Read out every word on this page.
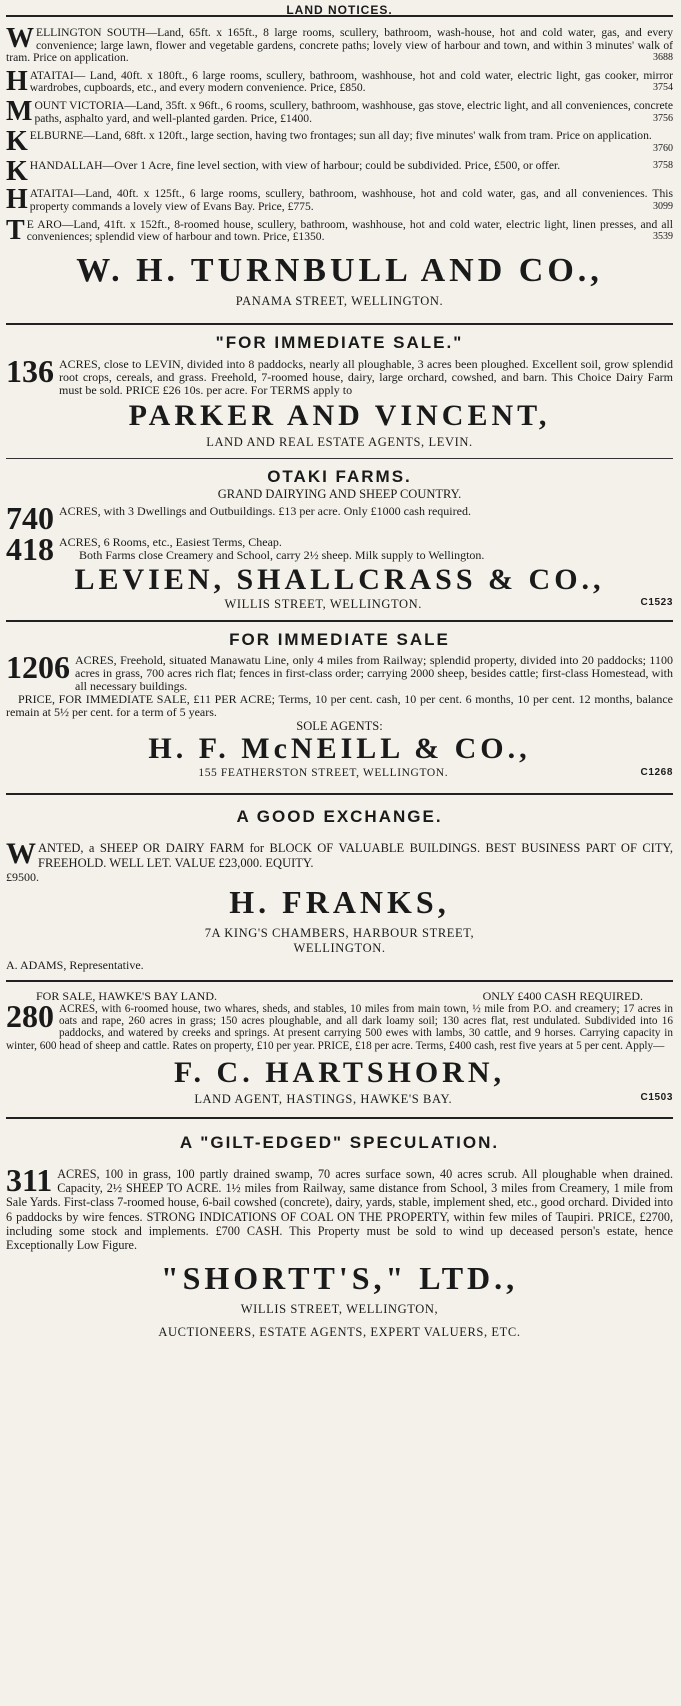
LAND NOTICES.
WELLINGTON SOUTH—Land, 65ft. x 165ft., 8 large rooms, scullery, bathroom, wash-house, hot and cold water, gas, and every convenience; large lawn, flower and vegetable gardens, concrete paths; lovely view of harbour and town, and within 3 minutes' walk of tram. Price on application.	3688
HATAITAI— Land, 40ft. x 180ft., 6 large rooms, scullery, bathroom, washhouse, hot and cold water, electric light, gas cooker, mirror wardrobes, cupboards, etc., and every modern convenience. Price, £850.	3754
MOUNT VICTORIA—Land, 35ft. x 96ft., 6 rooms, scullery, bathroom, washhouse, gas stove, electric light, and all conveniences, concrete paths, asphalto yard, and well-planted garden. Price, £1400.	3756
KELBURNE—Land, 68ft. x 120ft., large section, having two frontages; sun all day; five minutes' walk from tram. Price on application.
3760
KHANDALLAH—Over 1 Acre, fine level section, with view of harbour; could be subdivided. Price, £500, or offer.	3758
HATAITAI—Land, 40ft. x 125ft., 6 large rooms, scullery, bathroom, washhouse, hot and cold water, gas, and all conveniences. This property commands a lovely view of Evans Bay. Price, £775.	3099
T E ARO—Land, 41ft. x 152ft., 8-roomed house, scullery, bathroom, washhouse, hot and cold water, electric light, linen presses, and all conveniences; splendid view of harbour and town. Price, £1350.	3539
W. H. TURNBULL AND CO.,
PANAMA STREET, WELLINGTON.
"FOR IMMEDIATE SALE."
136 ACRES, close to LEVIN, divided into 8 paddocks, nearly all ploughable, 3 acres been ploughed. Excellent soil, grow splendid root crops, cereals, and grass. Freehold, 7-roomed house, dairy, large orchard, cowshed, and barn. This Choice Dairy Farm must be sold. PRICE £26 10s. per acre. For TERMS apply to
PARKER AND VINCENT,
LAND AND REAL ESTATE AGENTS, LEVIN.
OTAKI FARMS.
GRAND DAIRYING AND SHEEP COUNTRY.
740 ACRES, with 3 Dwellings and Outbuildings. £13 per acre. Only £1000 cash required.
418 ACRES, 6 Rooms, etc., Easiest Terms, Cheap.
Both Farms close Creamery and School, carry 2½ sheep. Milk supply to Wellington.
LEVIEN, SHALLCRASS & CO.,
WILLIS STREET, WELLINGTON.	C1523
FOR IMMEDIATE SALE
1206 ACRES, Freehold, situated Manawatu Line, only 4 miles from Railway; splendid property, divided into 20 paddocks; 1100 acres in grass, 700 acres rich flat; fences in first-class order; carrying 2000 sheep, besides cattle; first-class Homestead, with all necessary buildings.
PRICE, FOR IMMEDIATE SALE, £11 PER ACRE; Terms, 10 per cent. cash, 10 per cent. 6 months, 10 per cent. 12 months, balance remain at 5½ per cent. for a term of 5 years.
SOLE AGENTS:
H. F. McNEILL & CO.,
155 FEATHERSTON STREET, WELLINGTON.	C1268
A GOOD EXCHANGE.
WANTED, a SHEEP OR DAIRY FARM for BLOCK OF VALUABLE BUILDINGS. BEST BUSINESS PART OF CITY, FREEHOLD. WELL LET. VALUE £23,000. EQUITY.
£9500.
H. FRANKS,
7A KING'S CHAMBERS, HARBOUR STREET,
WELLINGTON.
A. ADAMS, Representative.
FOR SALE, HAWKE'S BAY LAND.	ONLY £400 CASH REQUIRED.
280 ACRES, with 6-roomed house, two whares, sheds, and stables, 10 miles from main town, ½ mile from P.O. and creamery; 17 acres in oats and rape, 260 acres in grass; 150 acres ploughable, and all dark loamy soil; 130 acres flat, rest undulated. Subdivided into 16 paddocks, and watered by creeks and springs. At present carrying 500 ewes with lambs, 30 cattle, and 9 horses. Carrying capacity in winter, 600 head of sheep and cattle. Rates on property, £10 per year. PRICE, £18 per acre. Terms, £400 cash, rest five years at 5 per cent. Apply—
F. C. HARTSHORN,
LAND AGENT, HASTINGS, HAWKE'S BAY.	C1503
A "GILT-EDGED" SPECULATION.
311 ACRES, 100 in grass, 100 partly drained swamp, 70 acres surface sown, 40 acres scrub. All ploughable when drained. Capacity, 2½ SHEEP TO ACRE. 1½ miles from Railway, same distance from School, 3 miles from Creamery, 1 mile from Sale Yards. First-class 7-roomed house, 6-bail cowshed (concrete), dairy, yards, stable, implement shed, etc., good orchard. Divided into 6 paddocks by wire fences. STRONG INDICATIONS OF COAL ON THE PROPERTY, within few miles of Taupiri. PRICE, £2700, including some stock and implements. £700 CASH. This Property must be sold to wind up deceased person's estate, hence Exceptionally Low Figure.
"SHORTT'S," LTD.,
WILLIS STREET, WELLINGTON,
AUCTIONEERS, ESTATE AGENTS, EXPERT VALUERS, ETC.
